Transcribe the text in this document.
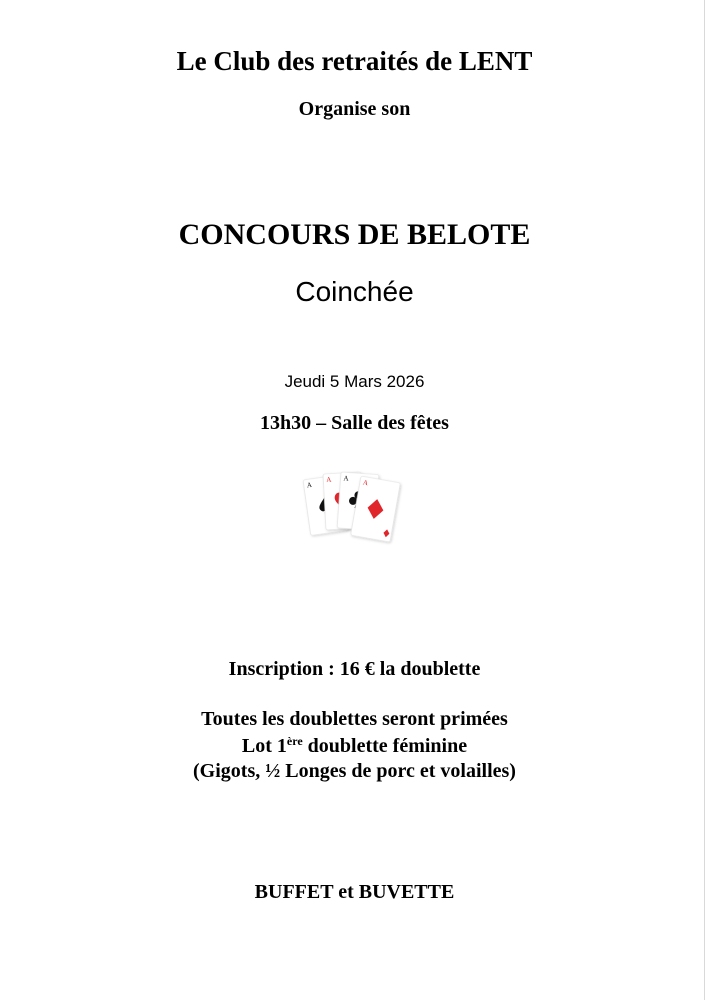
Le Club des retraités de LENT
Organise son
CONCOURS DE BELOTE
Coinchée
Jeudi 5 Mars 2026
13h30 – Salle des fêtes
A
A A
A
Inscription : 16 € la doublette
Toutes les doublettes seront primées
Lot 1ère doublette féminine
(Gigots, ½ Longes de porc et volailles)
BUFFET et BUVETTE
